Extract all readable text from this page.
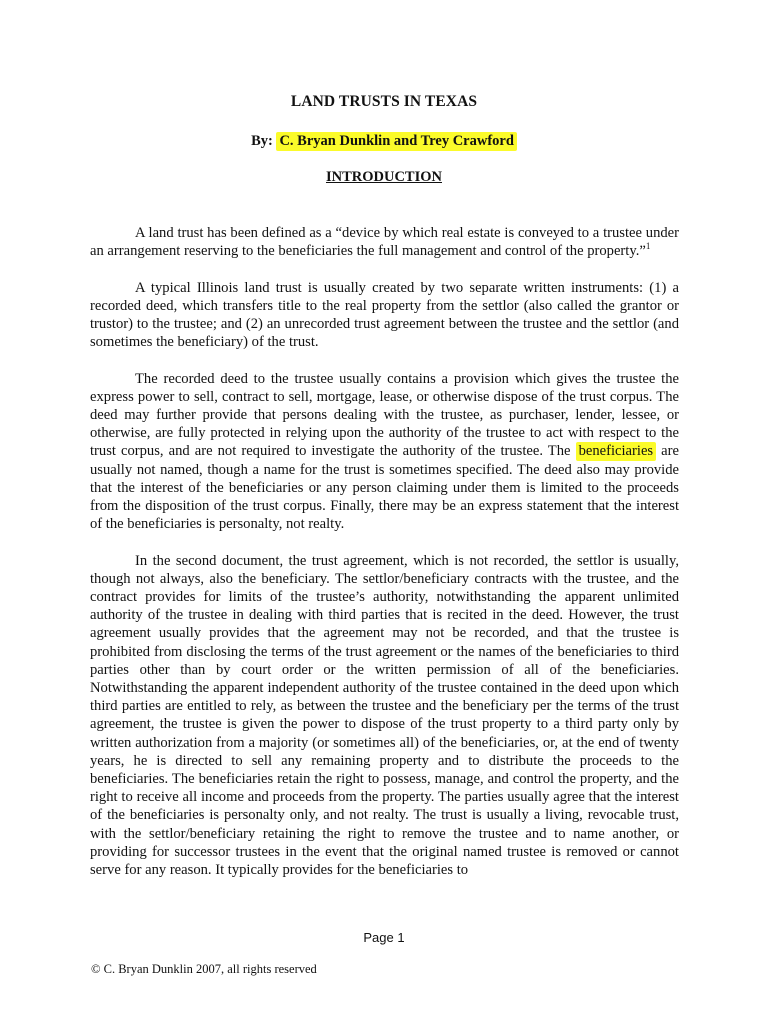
LAND TRUSTS IN TEXAS
By: C. Bryan Dunklin and Trey Crawford
INTRODUCTION

A land trust has been defined as a “device by which real estate is conveyed to a trustee under an arrangement reserving to the beneficiaries the full management and control of the property.”$^1$

A typical Illinois land trust is usually created by two separate written instruments: (1) a recorded deed, which transfers title to the real property from the settlor (also called the grantor or trustor) to the trustee; and (2) an unrecorded trust agreement between the trustee and the settlor (and sometimes the beneficiary) of the trust.

The recorded deed to the trustee usually contains a provision which gives the trustee the express power to sell, contract to sell, mortgage, lease, or otherwise dispose of the trust corpus. The deed may further provide that persons dealing with the trustee, as purchaser, lender, lessee, or otherwise, are fully protected in relying upon the authority of the trustee to act with respect to the trust corpus, and are not required to investigate the authority of the trustee. The beneficiaries are usually not named, though a name for the trust is sometimes specified. The deed also may provide that the interest of the beneficiaries or any person claiming under them is limited to the proceeds from the disposition of the trust corpus. Finally, there may be an express statement that the interest of the beneficiaries is personalty, not realty.

In the second document, the trust agreement, which is not recorded, the settlor is usually, though not always, also the beneficiary. The settlor/beneficiary contracts with the trustee, and the contract provides for limits of the trustee’s authority, notwithstanding the apparent unlimited authority of the trustee in dealing with third parties that is recited in the deed. However, the trust agreement usually provides that the agreement may not be recorded, and that the trustee is prohibited from disclosing the terms of the trust agreement or the names of the beneficiaries to third parties other than by court order or the written permission of all of the beneficiaries. Notwithstanding the apparent independent authority of the trustee contained in the deed upon which third parties are entitled to rely, as between the trustee and the beneficiary per the terms of the trust agreement, the trustee is given the power to dispose of the trust property to a third party only by written authorization from a majority (or sometimes all) of the beneficiaries, or, at the end of twenty years, he is directed to sell any remaining property and to distribute the proceeds to the beneficiaries. The beneficiaries retain the right to possess, manage, and control the property, and the right to receive all income and proceeds from the property. The parties usually agree that the interest of the beneficiaries is personalty only, and not realty. The trust is usually a living, revocable trust, with the settlor/beneficiary retaining the right to remove the trustee and to name another, or providing for successor trustees in the event that the original named trustee is removed or cannot serve for any reason. It typically provides for the beneficiaries to

Page 1
© C. Bryan Dunklin 2007, all rights reserved
